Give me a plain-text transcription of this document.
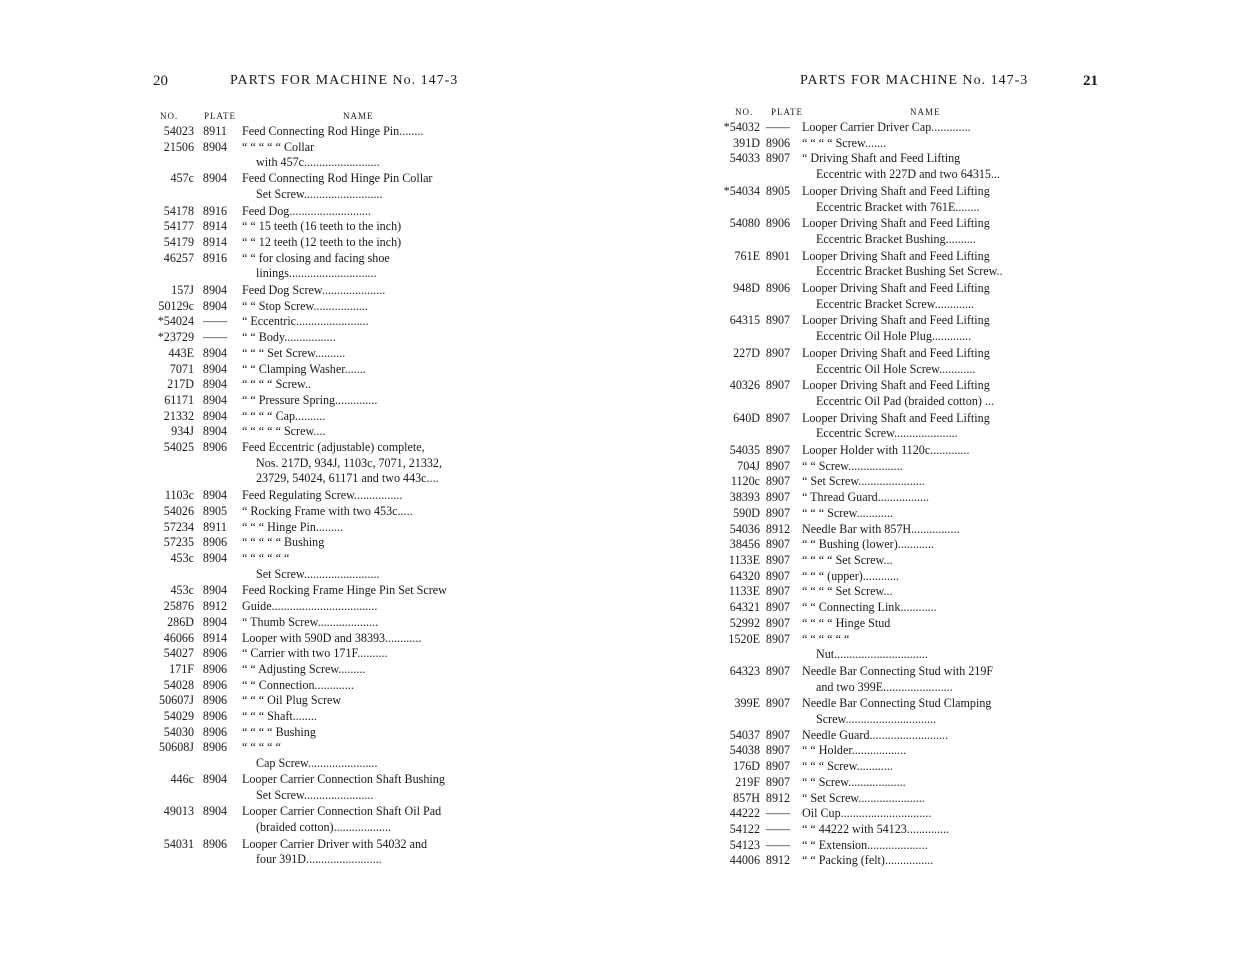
20	PARTS FOR MACHINE No. 147-3
NO.	PLATE	NAME
54023 8911	Feed Connecting Rod Hinge Pin........
21506 8904	“ “ “ “ “ Collar
with 457c.........................
457c 8904	Feed Connecting Rod Hinge Pin Collar
Set Screw..........................
54178 8916	Feed Dog...........................
54177 8914	“ “ 15 teeth (16 teeth to the inch)
54179 8914	“ “ 12 teeth (12 teeth to the inch)
46257 8916	“ “ for closing and facing shoe
linings.............................
157J 8904	Feed Dog Screw.....................
50129c 8904	“ “ Stop Screw..................
*54024 ——	“ Eccentric........................
*23729 ——	“ “ Body.................
443E 8904	“ “ “ Set Screw..........
7071 8904	“ “ Clamping Washer.......
217D 8904	“ “ “ “ Screw..
61171 8904	“ “ Pressure Spring..............
21332 8904	“ “ “ “ Cap..........
934J 8904	“ “ “ “ “ Screw....
54025 8906	Feed Eccentric (adjustable) complete,
Nos. 217D, 934J, 1103c, 7071, 21332,
23729, 54024, 61171 and two 443c....
1103c 8904	Feed Regulating Screw................
54026 8905	“ Rocking Frame with two 453c.....
57234 8911	“ “ “ Hinge Pin.........
57235 8906	“ “ “ “ “ Bushing
453c 8904	“ “ “ “ “ “
Set Screw.........................
453c 8904	Feed Rocking Frame Hinge Pin Set Screw
25876 8912	Guide...................................
286D 8904	“ Thumb Screw....................
46066 8914	Looper with 590D and 38393............
54027 8906	“ Carrier with two 171F..........
171F 8906	“ “ Adjusting Screw.........
54028 8906	“ “ Connection.............
50607J 8906	“ “ “ Oil Plug Screw
54029 8906	“ “ “ Shaft........
54030 8906	“ “ “ “ Bushing
50608J 8906	“ “ “ “ “
Cap Screw.......................
446c 8904	Looper Carrier Connection Shaft Bushing
Set Screw.......................
49013 8904	Looper Carrier Connection Shaft Oil Pad
(braided cotton)...................
54031 8906	Looper Carrier Driver with 54032 and
four 391D.........................
PARTS FOR MACHINE No. 147-3	21
NO. PLATE	NAME
*54032 —— Looper Carrier Driver Cap.............
391D 8906 “ “ “ “ Screw.......
54033 8907 “ Driving Shaft and Feed Lifting
Eccentric with 227D and two 64315...
*54034 8905 Looper Driving Shaft and Feed Lifting
Eccentric Bracket with 761E........
54080 8906 Looper Driving Shaft and Feed Lifting
Eccentric Bracket Bushing..........
761E 8901 Looper Driving Shaft and Feed Lifting
Eccentric Bracket Bushing Set Screw..
948D 8906 Looper Driving Shaft and Feed Lifting
Eccentric Bracket Screw.............
64315 8907 Looper Driving Shaft and Feed Lifting
Eccentric Oil Hole Plug.............
227D 8907 Looper Driving Shaft and Feed Lifting
Eccentric Oil Hole Screw............
40326 8907 Looper Driving Shaft and Feed Lifting
Eccentric Oil Pad (braided cotton) ...
640D 8907 Looper Driving Shaft and Feed Lifting
Eccentric Screw.....................
54035 8907 Looper Holder with 1120c.............
704J 8907 “ “ Screw..................
1120c 8907 “ Set Screw......................
38393 8907 “ Thread Guard.................
590D 8907 “ “ “ Screw............
54036 8912 Needle Bar with 857H................
38456 8907 “ “ Bushing (lower)............
1133E 8907 “ “ “ “ Set Screw...
64320 8907 “ “ “ (upper)............
1133E 8907 “ “ “ “ Set Screw...
64321 8907 “ “ Connecting Link............
52992 8907 “ “ “ “ Hinge Stud
1520E 8907 “ “ “ “ “ “
Nut...............................
64323 8907 Needle Bar Connecting Stud with 219F
and two 399E.......................
399E 8907 Needle Bar Connecting Stud Clamping
Screw..............................
54037 8907 Needle Guard..........................
54038 8907 “ “ Holder..................
176D 8907 “ “ “ Screw............
219F 8907 “ “ Screw...................
857H 8912 “ Set Screw......................
44222 —— Oil Cup..............................
54122 —— “ “ 44222 with 54123..............
54123 —— “ “ Extension....................
44006 8912 “ “ Packing (felt)................
